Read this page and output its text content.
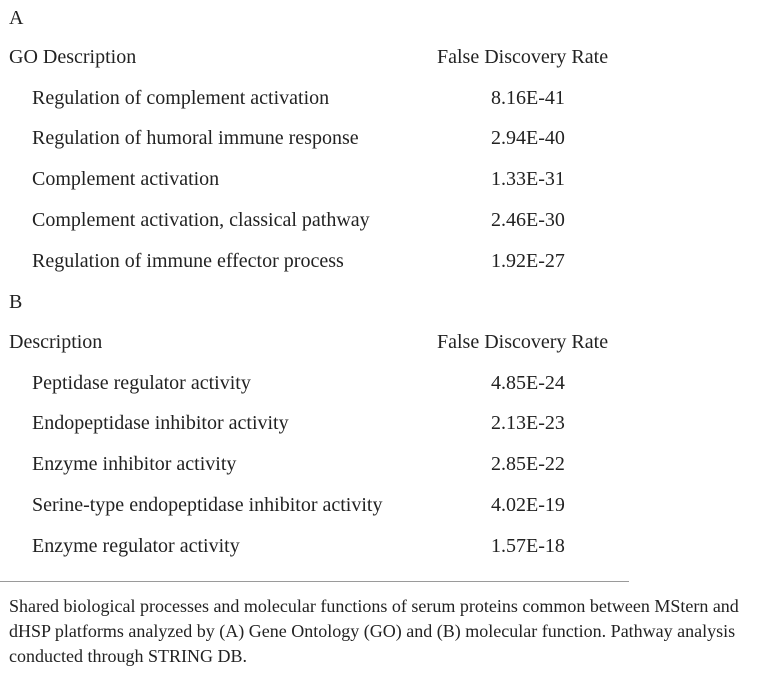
A
GO Description	False Discovery Rate
Regulation of complement activation	8.16E-41
Regulation of humoral immune response	2.94E-40
Complement activation	1.33E-31
Complement activation, classical pathway	2.46E-30
Regulation of immune effector process	1.92E-27
B
Description	False Discovery Rate
Peptidase regulator activity	4.85E-24
Endopeptidase inhibitor activity	2.13E-23
Enzyme inhibitor activity	2.85E-22
Serine-type endopeptidase inhibitor activity	4.02E-19
Enzyme regulator activity	1.57E-18
Shared biological processes and molecular functions of serum proteins common between MStern and dHSP platforms analyzed by (A) Gene Ontology (GO) and (B) molecular function. Pathway analysis conducted through STRING DB.
